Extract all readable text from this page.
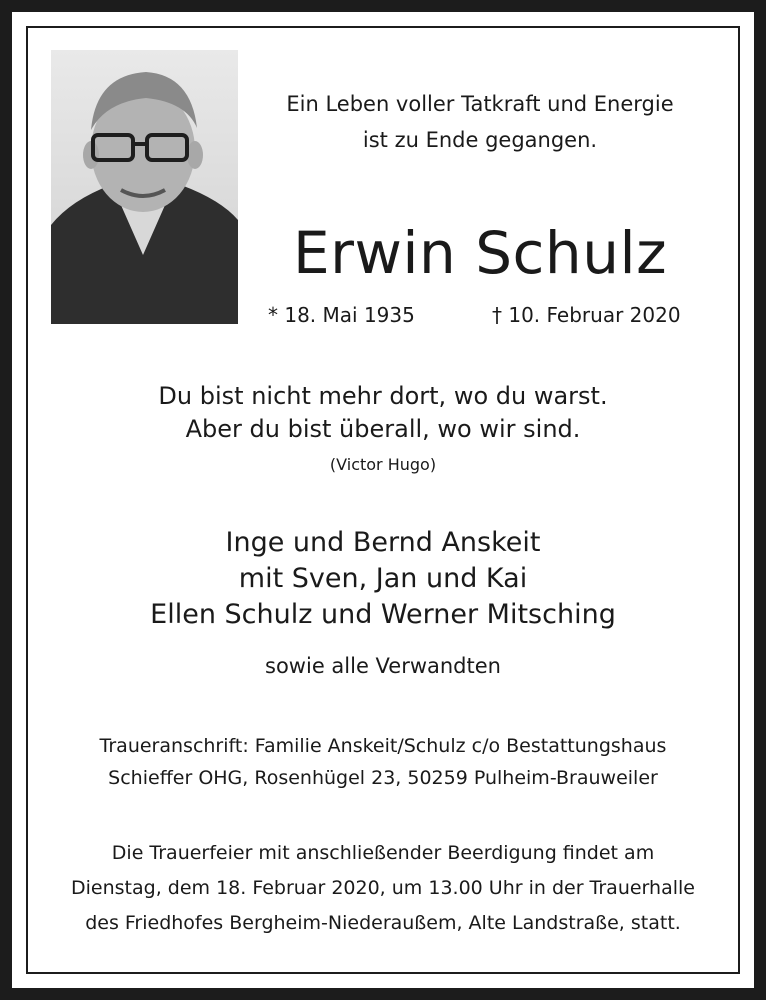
Ein Leben voller Tatkraft und Energie
ist zu Ende gegangen.
Erwin Schulz
* 18. Mai 1935	† 10. Februar 2020
Du bist nicht mehr dort, wo du warst.
Aber du bist überall, wo wir sind.
(Victor Hugo)
Inge und Bernd Anskeit
mit Sven, Jan und Kai
Ellen Schulz und Werner Mitsching
sowie alle Verwandten
Traueranschrift: Familie Anskeit/Schulz c/o Bestattungshaus
Schieffer OHG, Rosenhügel 23, 50259 Pulheim-Brauweiler
Die Trauerfeier mit anschließender Beerdigung findet am
Dienstag, dem 18. Februar 2020, um 13.00 Uhr in der Trauerhalle
des Friedhofes Bergheim-Niederaußem, Alte Landstraße, statt.
